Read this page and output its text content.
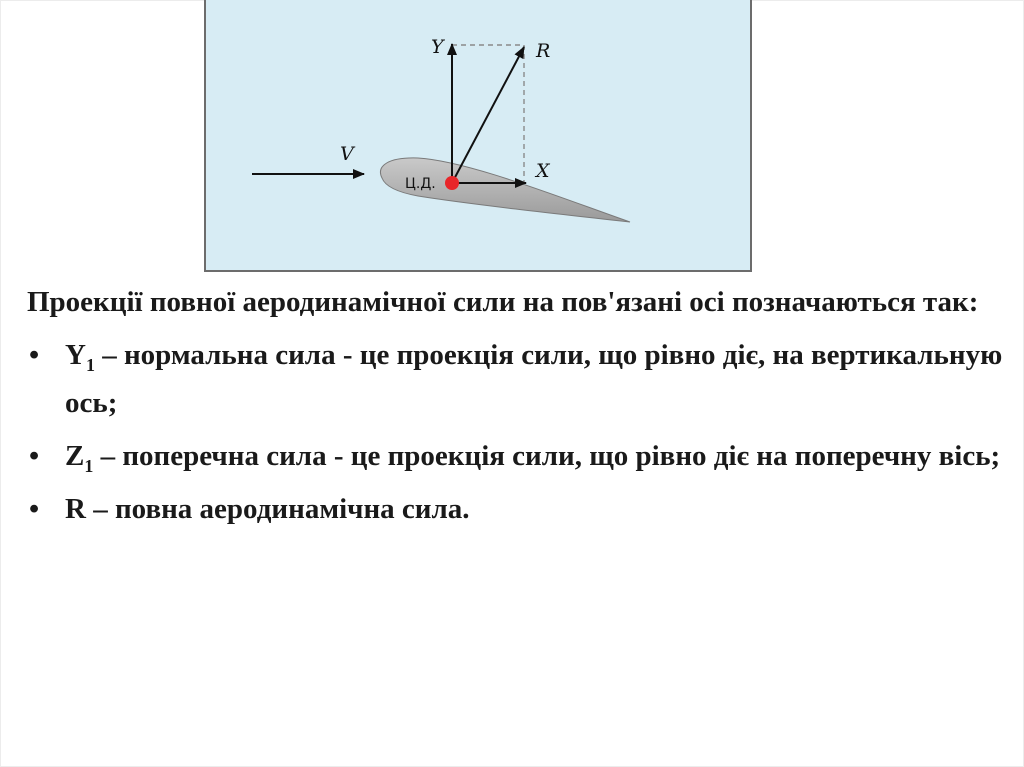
Y	R
V
X
Ц.Д.

Проекції повної аеродинамічної сили на пов'язані осі позначаються так:

• $Y_1$ – нормальна сила - це проекція сили, що рівно діє, на вертикальную ось;
• $Z_1$ – поперечна сила - це проекція сили, що рівно діє на поперечну вісь;
• R – повна аеродинамічна сила.
